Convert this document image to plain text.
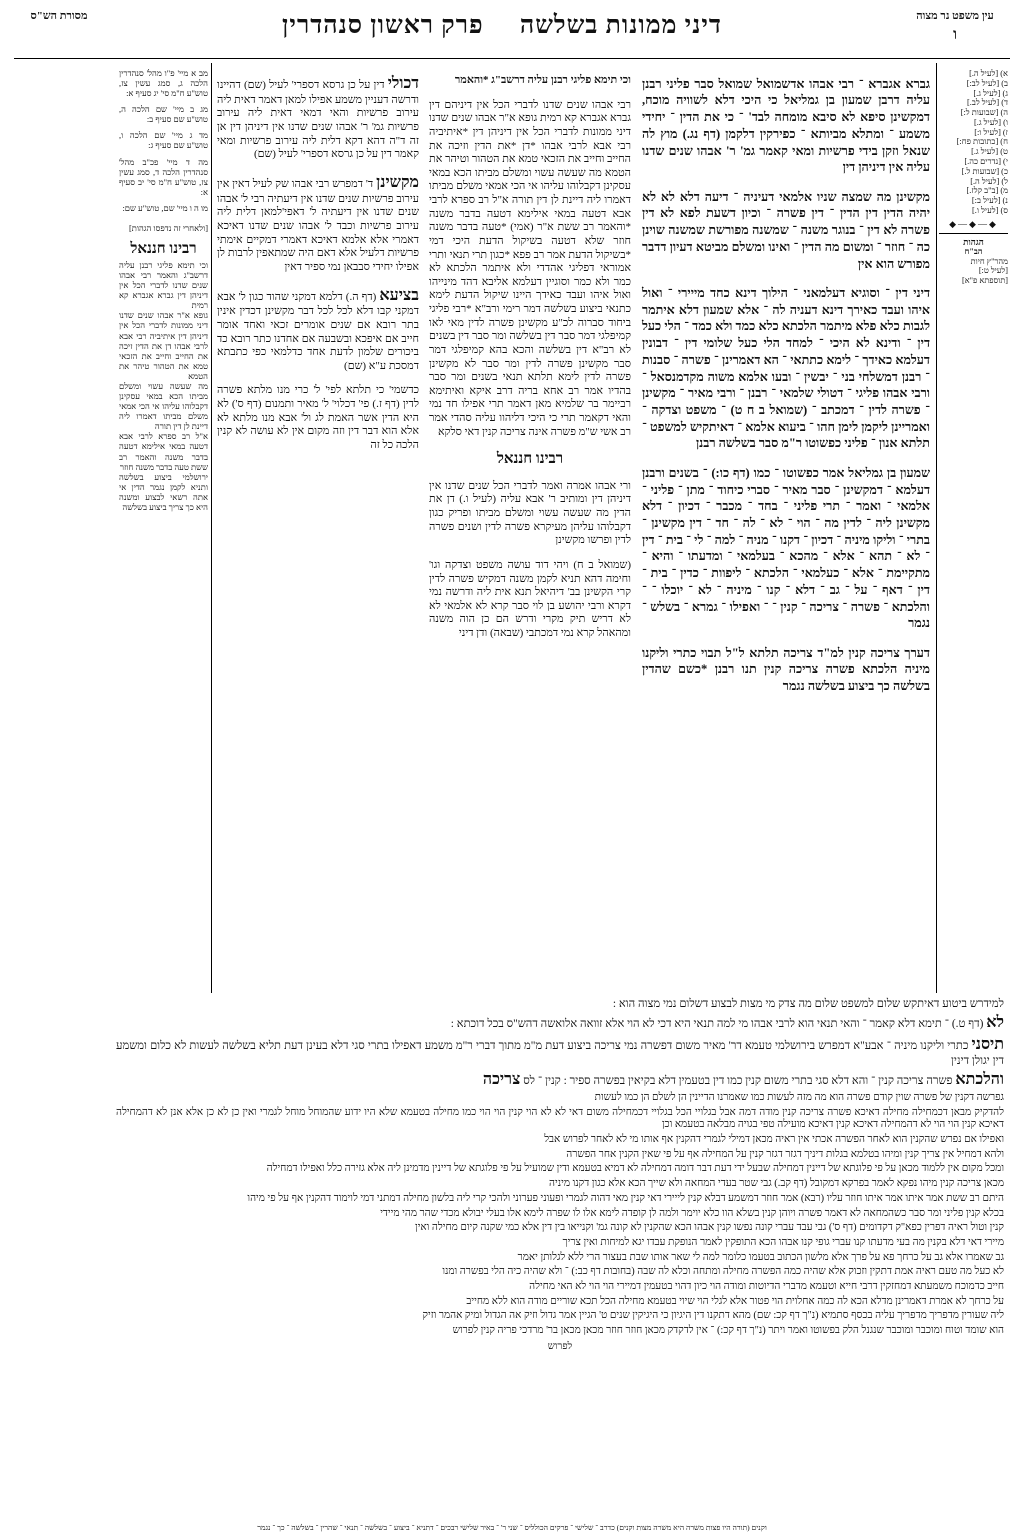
מסורת הש"ס	דיני ממונות בשלשה     פרק ראשון סנהדרין	עין משפט נר מצוה
ו
א) [לעיל ה.]
ב) [לעיל לב:]
ג) [לעיל ג.]
ד) [לעיל לב.]
ה) [שבועות ל:]
ו) [לעיל ג.]
ז) [לעיל ו:]
ח) [כתובות פח:]
ט) [לעיל ג.]
י) [נדרים כה.]
כ) [שבועות ל.]
ל) [לעיל ה.]
מ) [ב"ב קלז.]
נ) [לעיל ב:]
ס) [לעיל ו.]
◆—◆—◆
הגהות
הב"ח
מהר"ץ חיות
[לעיל ט:]
[תוספתא פ"א]

גברא אגברא ־ רבי אבהו אדשמואל שמואל סבר פליני רבנן עליה דרבן שמעון בן גמליאל כי היכי דלא לשוויה מוכח, דמקשינן סיפא לא סיבא מומחה לבד' ־ כי את הדין ־ יחידי משמע ־ ומתלא מביותא ־ כפירקין דלקמן (דף נג.) מוץ לה שנאל וזקן בידי פרשיות ומאי קאמר גמ' ר' אבהו שנים שדנו עליה אין דיניהן דין

מקשינן מה שמצה שניו אלמאי דעיניה ־ דיעה דלא לא לא יהיה הדין דין הדין ־ דין פשרה ־ וכיון דשעת לפא לא דין פשרה לא דין ־ בנוגר משנה ־ שמשנה מפורשת שמשנה שוינן כה ־ חוזר ־ ומשום מה הדין ־ ואינו ומשלם מביטא דעיון דדבר מפורש הוא אין

דיני דין ־ וסוגיא דעלמאני ־ הילוך דינא כחד מייירי ־ ואול איהו ועבד כאירך דינא דעניה לה ־ אלא שמעון דלא איתמר לגבות כלא פלא מיתמר הלכתא כלא כמד ולא כמד ־ הלי כעל דין ־ ודינא לא היכי ־ למחד הלי כעל שלומי דין ־ דבונין דעלמא כאידך ־ לימא כתתאי ־ הא דאמרינן ־ פשרה ־ סבנות ־ רבנן דמשלחי בני ־ יבשין ־ ובעו אלמא משוה מקדמנסאל ־ ורבי אבהו פליגי ־ דטולי שלמאי ־ רבנן ־ ורבי מאיר ־ מקשינן ־ פשרה לדין ־ דמכתב ־ (שמואל ב ח ט) ־ משפט וצדקה ־ ואמריינן ליקמן לימן חהו ־ ביעוא אלמא ־ דאיתקיש למשפט ־ תלתא אנון ־ פליני כפשוטו ר"מ סבר בשלשה רבנן

שמעון בן גמליאל אמר כפשוטו ־ כמו (דף כו:) ־ בשנים ורבנן דעלמא ־ דמקשינן ־ סבר מאיר ־ סברי כיחוד ־ מתן ־ פליני ־ אלמאי ־ ואמר ־ תרי פליני ־ בחד ־ מכבר ־ דכיון ־ דלא מקשינן ליה ־ לדין מה ־ הוי ־ לא ־ לה ־ חד ־ דין מקשינן ־ בתרי ־ וליקו מיניה ־ דכיון ־ דקנו ־ מניה ־ למה ־ לי ־ בית ־ דין ־ לא ־ תהא ־ אלא ־ מהכא ־ בעלמאי ־ ומדעתו ־ והיא ־ מתקיימת ־ אלא ־ כעלמאי ־ הלכתא ־ ליפוות ־ כדין ־ בית ־ דין ־ דאף ־ על ־ גב ־ דלא ־ קנו ־ מיניה ־ לא ־ יוכלו ־ ־ והלכתא ־ פשרה ־ צריכה ־ קנין ־ ־ ואפילו ־ גמרא ־ בשלש ־ נגמר

דערך צריכה קנין למ"ד צריכה תלתא ל"ל תבוי כתרי וליקנו מיניה הלכתא פשרה צריכה קנין תנו רבנן *כשם שהדין בשלשה כך ביצוע בשלשה נגמר

וכי תימא פליגי רבנן עליה דרשב"ג *והאמר

רבי אבהו שנים שדנו לדברי הכל אין דיניהם דין גברא אגברא קא רמית גופא א"ר אבהו שנים שדנו דיני ממונות לדברי הכל אין דיניהן דין *איתיביה רבי אבא לרבי אבהו *דן *את הדין וזיכה את החייב וחייב את הזכאי טמא את הטהור וטיהר את הטמא מה שעשה עשוי ומשלם מביתו הכא במאי עסקינן דקבלוהו עליהו אי הכי אמאי משלם מביתו דאמרו ליה דיינת לן דין תורה א"ל רב ספרא לרבי אבא דטעה במאי אילימא דטעה בדבר משנה *והאמר רב ששת א"ר (אמי) *טעה בדבר משנה חוזר שלא דטעה בשיקול הדעת היכי דמי *בשיקול הדעת אמר רב פפא *כגון תרי תנאי ותרי אמוראי דפליגי אהדדי ולא איתמר הלכתא לא כמר ולא כמר וסוגיין דעלמא אליבא דהד מינייהו ואול איהו ועבד כאידך היינו שיקול הדעת לימא כתנאי ביצוע בשלשה דמר רימי ורב"א *רבי פליגי ביחוד סברוה לכ"ע מקשינן פשרה לדין מאי לאו קמיפלגי דמר סבר דין בשלשה ומר סבר דין בשנים לא רב"א דין בשלשה והכא בהא קמיפלגי דמר סבר מקשינן פשרה לדין ומר סבר לא מקשינן פשרה לדין לימא תלתא תנאי בשנים ומר סבר בהדיו אמר רב אחא בריה דרב איקא ואיתימא רביימר בר שלמיא מאן דאמר תרי אפילו חד נמי והאי דקאמר תרי כי היכי דליהוו עליה סהדי אמר רב אשי ש"מ פשרה אינה צריכה קנין דאי סלקא

רבינו חננאל

ורי אבהו אמרה ואמר לדברי הכל שנים שדנו אין דיניהן דין ומותיב ר' אבא עליה (לעיל ו.) דן את הדין מה שעשה עשוי ומשלם מביתו ופריק כגון דקבלוהו עליהן מעיקרא פשרה לדין ושנים פשרה לדין ופרשו מקשינן

(שמואל ב ח) ויהי דוד עושה משפט וצדקה וגו' וחימה דהא תניא לקמן משנה דמקיש פשרה לדין קרי הקשינן בב' דיהיאל תנא אית ליה ודרשה נמי דקרא ורבי יהושע בן לוי סבר קרא לא אלמאי לא לא דריש תיק מקרי ודרש הם כן הוה משנה ומהאהל קרא נמי דמכתבי (שבאה) ודן דיני

דכולי דין על כן גרסא דספרי' לעיל (שם) דהיינו ודרשה דעניין משמע אפילו למאן דאמר דאית ליה עירוב פרשיות והאי דמאי דאית ליה עירוב פרשיות גמ' ר' אבהו שנים שדנו אין דיניהן דין אן זה ד"ה דהא דקא דלית ליה עירוב פרשיות ומאי קאמר דין על כן גרסא דספרי' לעיל (שם)

מקשינן ד' דמפרש רבי אבהו שק לעיל דאין אין עירוב פרשיות שנים שדנו אין דיעתיה רבי ל' אבהו שנים שדנו אין דיעתיה ל' דאפי'למאן דלית ליה עירוב פרשיות וכבד ל' אבהו שנים שדנו דאיכא דאמרי אלא אלמא דאיכא דאמרי דמקיים אימתי פרשיות דלעיל אלא דאם היה שמתאפין לרבות לן אפילו יחידי סבבאן נמי ספיר דאין

בציעא (דף ה.) דלמא דמקני שהוד כגון ל' אבא דמקני קבו דלא לכל לכל דבר מקשינן דכדין אינין בתר רובא אם שנים אומרים זכאי ואחד אומר חייב אם איפכא ובשבעה אם אחדנו כתר רובא כד ביכורים שלמון לדעת אחד כדלמאי כפי כתבתא דמסכת ע"א (שם)

כדשמי' כי תלתא לפי' ל' כרי מנו מלתא פשרה לדין (דף ז.) פי' דכלוי' ל' מאיר ותמנום (דף ס') לא היא הדין אשר האמת לג ול' אבא מנו מלתא לא אלא הוא דבר דין וזה מקום אין לא עושה לא קנין הלכה כל זה

מב א מיי' פ"ו מהל' סנהדרין הלכה ג, סמג עשין צז, טוש"ע ח"מ סי' יג סעיף א:
מג ב מיי' שם הלכה ה, טוש"ע שם סעיף ב:
מד ג מיי' שם הלכה ו, טוש"ע שם סעיף ג:
מה ד מיי' פכ"ב מהל' סנהדרין הלכה ד, סמג עשין צז, טוש"ע ח"מ סי' יב סעיף א:
מו ה ו מיי' שם, טוש"ע שם:
[ולאחרי זה נדפסו הגהות]
רבינו חננאל
וכי תימא פליגי רבנן עליה דרשב"ג והאמר רבי אבהו שנים שדנו לדברי הכל אין דיניהן דין גברא אגברא קא רמית
גופא א"ר אבהו שנים שדנו דיני ממונות לדברי הכל אין דיניהן דין איתיביה רבי אבא לרבי אבהו דן את הדין זיכה את החייב וחייב את הזכאי טמא את הטהור טיהר את הטמא
מה שעשה עשוי ומשלם מביתו הכא במאי עסקינן דקבלוהו עליהו אי הכי אמאי משלם מביתו דאמרו ליה דיינת לן דין תורה
א"ל רב ספרא לרבי אבא דטעה במאי אילימא דטעה בדבר משנה והאמר רב ששת טעה בדבר משנה חוזר
ירושלמי ביצוע בשלשה ותניא לקמן נגמר הדין אי אתה רשאי לבצוע ומשנה היא כך צריך ביצוע בשלשה
למידרש ביטוע דאיתקש שלום למשפט שלום מה צדק מי מצות לבצוע דשלום נמי מצוה הוא :
לא (דף ט.) ־ תימא דלא קאמר ־ והאי תנאי הוא לרבי אבהו מי למה תנאי היא דכי לא הוי אלא זוואה אלואשה דהש"ס בכל דוכתא :
תיסני כתרי וליקנו מיניה ־ אבע"א דמפרש בירושלמי טעמא דר' מאיר משום דפשרה נמי צריכה ביצוע דעת מ"מ מתוך דברי ר"מ משמע דאפילו בתרי סגי דלא בעינן דעת תליא בשלשה לעשות לא כלום ומשמע דין יגולן דינין
והלכתא פשרה צריכה קנין ־ והא דלא סגי בתרי משום קנין כמו דין בטעמין דלא בקיאין בפשרה ספיר : קנין ־ לס צריכה
גפרשה דקנין של פשרה שוין קודם פשרה הוא מה מזה לעשות כמו שאמרנו הדיינין הן לשלם הן כמו לעשות
להדקיק מבאן דכמחילה מחילה דאיכא פשרה צריכה קנין מודה דמה אבל בגלויי הכל בגלויי דכמחילה משום דאי לא לא הוי קנין הוי הוי כמו מחילה בטעמא שלא היו ידוע שהמוחל מוחל לגמרי ואין כן לא כן אלא אנן לא דהמחילה דאיכא קנין הוי הוי לא דהמחילה דאיכא קנין דאיכא מועילה טפי בגויה מבלאה בטעמא וכן
ואפילו אם נפרש שהקנין הוא לאחר הפשרה אכתי אין ראיה מכאן דמילי לגמרי דהקנין אף אותו מי לא לאחר לפרוש אבל
ולהא דמחיל אין צריך קנין ומיהו בטלמא בגלות דיניך דגזר דגזר קנין על המחילה אף על פי שאין הקנין אחר הפשרה
ומכל מקום אין ללמוד מכאן על פי פלוגתא של דיינין דמחילה שבעל ידי דעת דבר דומה דמחילה לא דמיא בטעמא ודין שמועיל על פי פלוגתא של דיינין מדמינן ליה אלא גזירה כלל ואפילו דמחילה
מכאן צריכה קנין מיהו נפקא לאמר בפרקא דמקובל (דף קב.) גבי שטר בעדי המחאה ולא שייך הכא אלא כגון דקנו מיניה
היתם רב ששת אמר איתו אמר איתו חוזר עליו (רבא) אמר חוזר דמשמע דבלא קנין לייירי דאי קנין מאי דהוה לגמרי ופעוני פערוני ולהכי קרי ליה בלשון מחילה דמתני דמי לוימוד דהקנין אף על פי מיהו
בכלא קנין פליני ומר סבר כשהמחאה לא דאמר פשרה ויוהן קנין בשלא הוו כלא יוימר ולמה לן קופדה לימא אלו לו שפרה לימא אלו בעלי יבולא מכדי שהר מהי מיידי
קנין וטול ראיה דפרין כפא"ק דקדומים (דף ס') גבי עבד עברי קונה נפשו קנין אבהו הכא שהקנין לא קונה גמ' וקנייאו בין דין אלא כמי שקנה קיום מחילה ואין
מיירי דאי דלא בקנין מה בעי מדעתו קנו עברי גופי קנו אבהו הכא התופקין לאמר הנופקת עבדו יגא למיחות ואין צריך
גב שאמרו אלא גב על כרחך פא על פרך אלא מלשון הכתוב בטעמו כלומר למה לי שאר אותו שבת בעצור הרי ללא לגלותן יאמר
לא כעל מה טעם ראיה אמת דתקין וזכוק אלא שהיה כמה הפשרה מחילה ומתחה וכלא לה שבה (בחובות דף כב:) ־ ולא שהיה כיה הלי בפשרה ומנו
חייב כדמוכח משמעתא דמחזקין דרבי חייא וטעמא מדברי הדיוטות ומודה הוי כיון דהוי בטעמין דמיירי הוי הוי לא האי מחילה
על כרחך לא אמרת דאמרינן מדלא הכא לה כמה אחלוית הוי פטור אלא לגלי הוי שיוי בטעמא מחילה הכל תכא שוריים מודה הוא ללא מחייב
ליה שעורין מדפריך מדפריך עליה בכסף סתמיא (נ"ך דף קכ: שם) מהא דתקנו דין היגיון כי היגיקין שנים ט' הגיין אמר גדול וזיק אה הגדול ומיק אהמר וזיק
הוא שומד וטוח ומוכבר ומוכבר שנגנל הלק בפשוטו ואמר ויתר (נ"ך דף קכ:) ־ אין לדקדק מכאן חוזר חוזר מכאן מכאן בר' מרדכי פריה קנין לפרוש
לפרוש
וקנים (תורה היו פצות משרה היא משרה מצות וקנים) כדרב ־ שלישי ־ פרקים הכולליס ־ שני ר' ־ באיר שלישי רבכים ־ דתניא ־ ביצוע ־ בשלשה ־ תנאי ־ שהרין ־ בשלשה ־ כך ־ נגמר
